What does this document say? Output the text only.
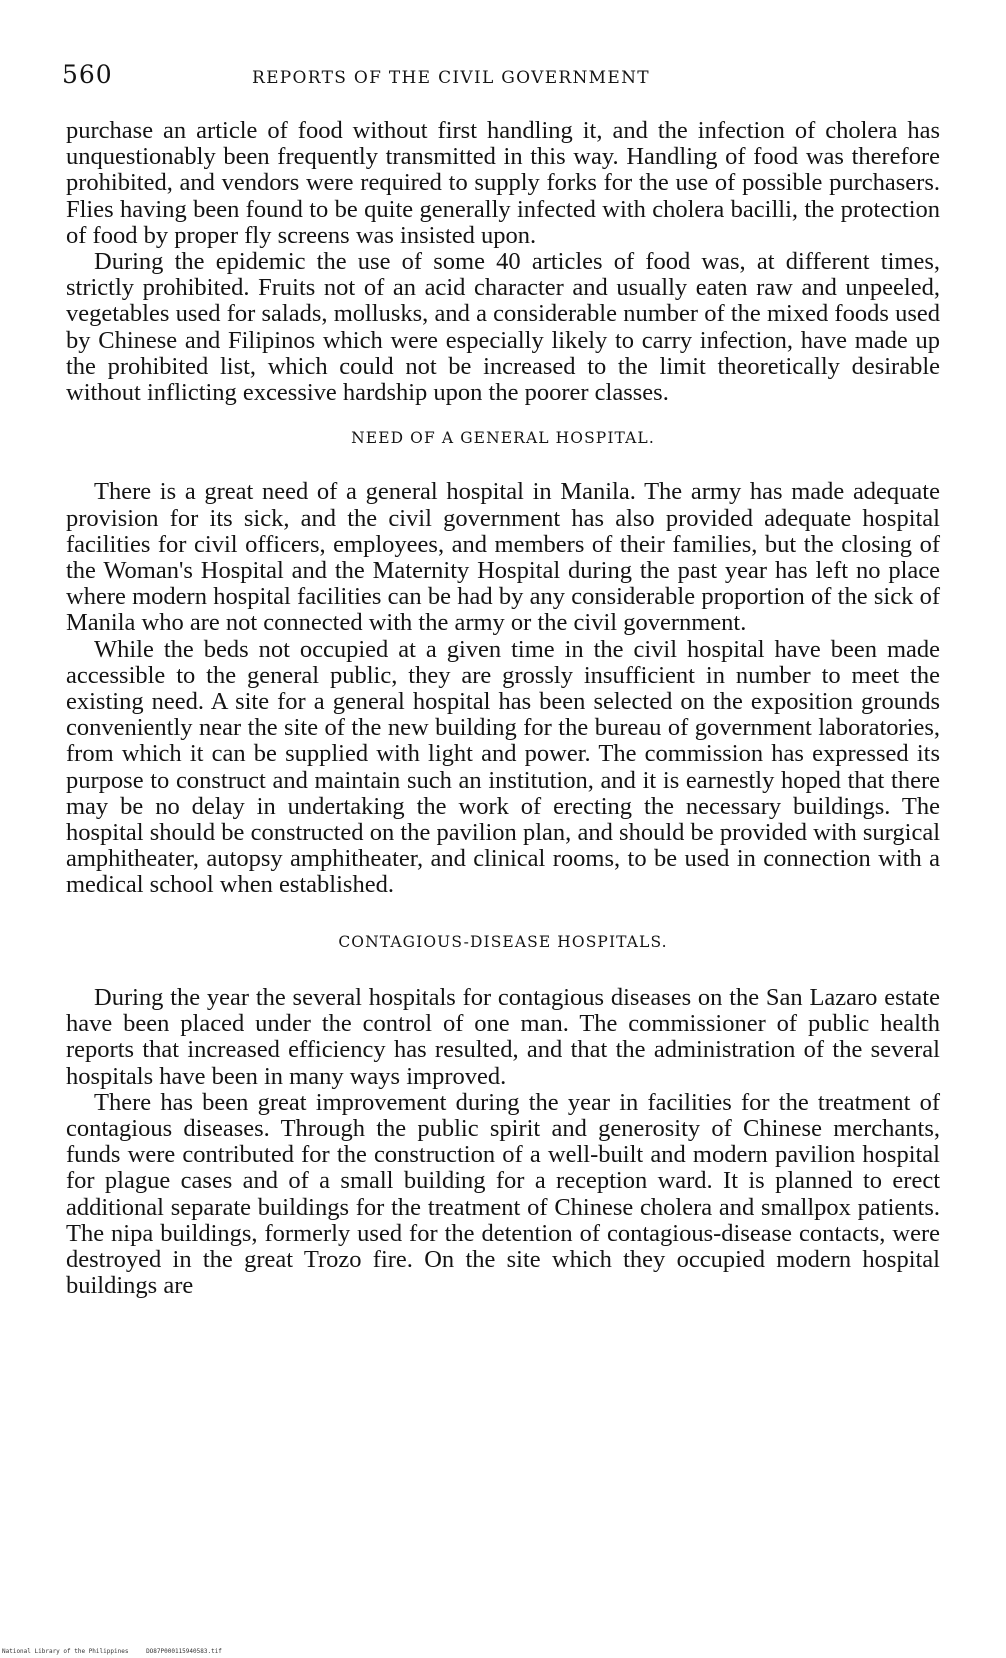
560	REPORTS OF THE CIVIL GOVERNMENT

purchase an article of food without first handling it, and the infection of cholera has unquestionably been frequently transmitted in this way. Handling of food was therefore prohibited, and vendors were required to supply forks for the use of possible purchasers. Flies having been found to be quite generally infected with cholera bacilli, the protection of food by proper fly screens was insisted upon.

During the epidemic the use of some 40 articles of food was, at different times, strictly prohibited. Fruits not of an acid character and usually eaten raw and unpeeled, vegetables used for salads, mollusks, and a considerable number of the mixed foods used by Chinese and Filipinos which were especially likely to carry infection, have made up the prohibited list, which could not be increased to the limit theoretically desirable without inflicting excessive hardship upon the poorer classes.

NEED OF A GENERAL HOSPITAL.

There is a great need of a general hospital in Manila. The army has made adequate provision for its sick, and the civil government has also provided adequate hospital facilities for civil officers, employees, and members of their families, but the closing of the Woman's Hospital and the Maternity Hospital during the past year has left no place where modern hospital facilities can be had by any considerable proportion of the sick of Manila who are not connected with the army or the civil government.

While the beds not occupied at a given time in the civil hospital have been made accessible to the general public, they are grossly insufficient in number to meet the existing need. A site for a general hospital has been selected on the exposition grounds conveniently near the site of the new building for the bureau of government laboratories, from which it can be supplied with light and power. The commission has expressed its purpose to construct and maintain such an institution, and it is earnestly hoped that there may be no delay in undertaking the work of erecting the necessary buildings. The hospital should be constructed on the pavilion plan, and should be provided with surgical amphitheater, autopsy amphitheater, and clinical rooms, to be used in connection with a medical school when established.

CONTAGIOUS-DISEASE HOSPITALS.

During the year the several hospitals for contagious diseases on the San Lazaro estate have been placed under the control of one man. The commissioner of public health reports that increased efficiency has resulted, and that the administration of the several hospitals have been in many ways improved.

There has been great improvement during the year in facilities for the treatment of contagious diseases. Through the public spirit and generosity of Chinese merchants, funds were contributed for the construction of a well-built and modern pavilion hospital for plague cases and of a small building for a reception ward. It is planned to erect additional separate buildings for the treatment of Chinese cholera and smallpox patients. The nipa buildings, formerly used for the detention of contagious-disease contacts, were destroyed in the great Trozo fire. On the site which they occupied modern hospital buildings are

National Library of the Philippines	DO87P000115940583.tif
